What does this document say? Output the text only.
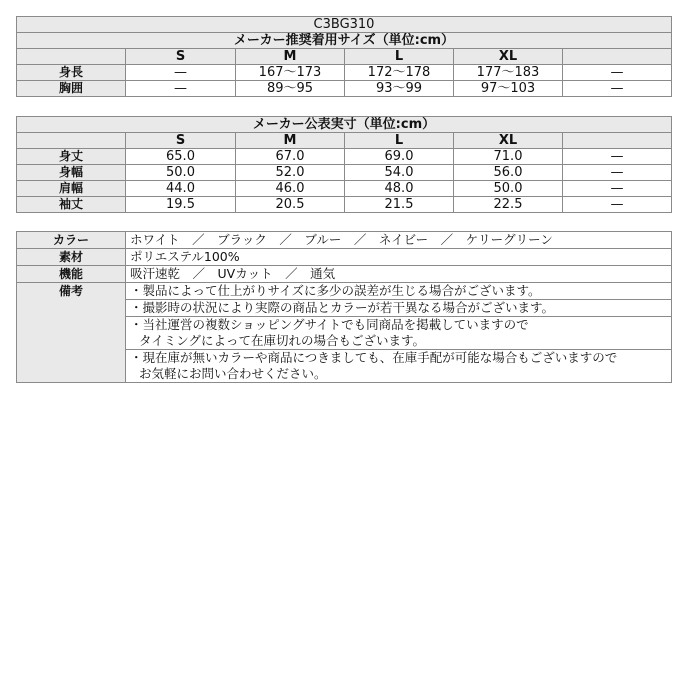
C3BG310					
メーカー推奨着用サイズ（単位:cm）					
	S	M	L	XL	
身長	—	167～173	172～178	177～183	—
胸囲	—	89～95	93～99	97～103	—
メーカー公表実寸（単位:cm）					
	S	M	L	XL	
身丈	65.0	67.0	69.0	71.0	—
身幅	50.0	52.0	54.0	56.0	—
肩幅	44.0	46.0	48.0	50.0	—
袖丈	19.5	20.5	21.5	22.5	—
カラー	ホワイト　／　ブラック　／　ブルー　／　ネイビー　／　ケリーグリーン
素材	ポリエステル100%
機能	吸汗速乾　／　UVカット　／　通気
備考	・製品によって仕上がりサイズに多少の誤差が生じる場合がございます。
	・撮影時の状況により実際の商品とカラーが若干異なる場合がございます。

	・当社運営の複数ショッピングサイトでも同商品を掲載していますので
タイミングによって在庫切れの場合もございます。

	・現在庫が無いカラーや商品につきましても、在庫手配が可能な場合もございますので
お気軽にお問い合わせください。
